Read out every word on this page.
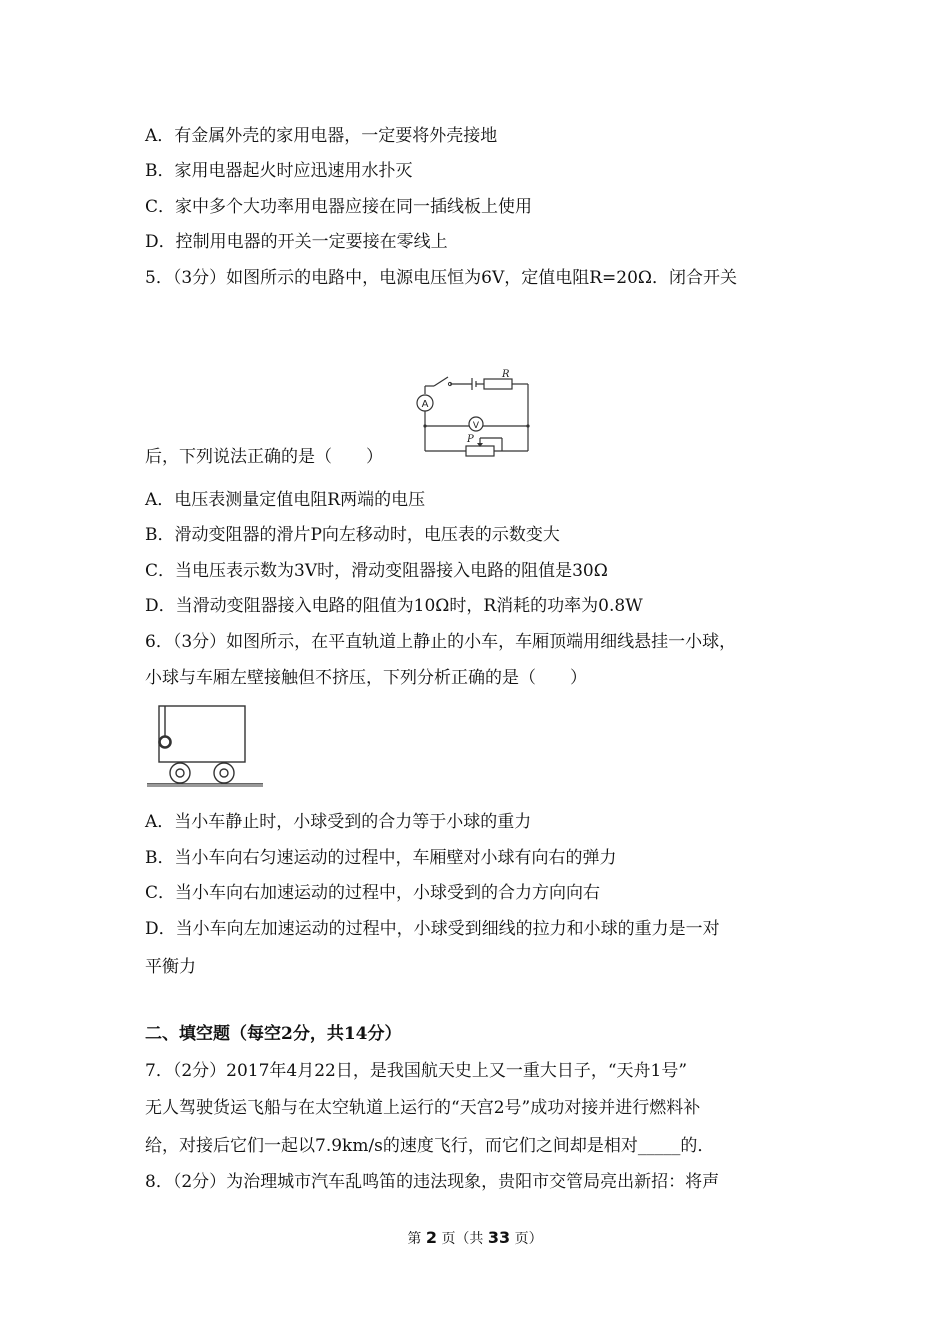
A．有金属外壳的家用电器，一定要将外壳接地
B．家用电器起火时应迅速用水扑灭
C．家中多个大功率用电器应接在同一插线板上使用
D．控制用电器的开关一定要接在零线上
5．（3分）如图所示的电路中，电源电压恒为6V，定值电阻R=20Ω．闭合开关
A
V
R
P
后，下列说法正确的是（　　）
A．电压表测量定值电阻R两端的电压
B．滑动变阻器的滑片P向左移动时，电压表的示数变大
C．当电压表示数为3V时，滑动变阻器接入电路的阻值是30Ω
D．当滑动变阻器接入电路的阻值为10Ω时，R消耗的功率为0.8W
6．（3分）如图所示，在平直轨道上静止的小车，车厢顶端用细线悬挂一小球，
小球与车厢左壁接触但不挤压，下列分析正确的是（　　）
A．当小车静止时，小球受到的合力等于小球的重力
B．当小车向右匀速运动的过程中，车厢壁对小球有向右的弹力
C．当小车向右加速运动的过程中，小球受到的合力方向向右
D．当小车向左加速运动的过程中，小球受到细线的拉力和小球的重力是一对
平衡力
二、填空题（每空2分，共14分）
7．（2分）2017年4月22日，是我国航天史上又一重大日子，“天舟1号”
无人驾驶货运飞船与在太空轨道上运行的“天宫2号”成功对接并进行燃料补
给，对接后它们一起以7.9km/s的速度飞行，而它们之间却是相对_____的．
8．（2分）为治理城市汽车乱鸣笛的违法现象，贵阳市交管局亮出新招：将声
第 2 页（共 33 页）
